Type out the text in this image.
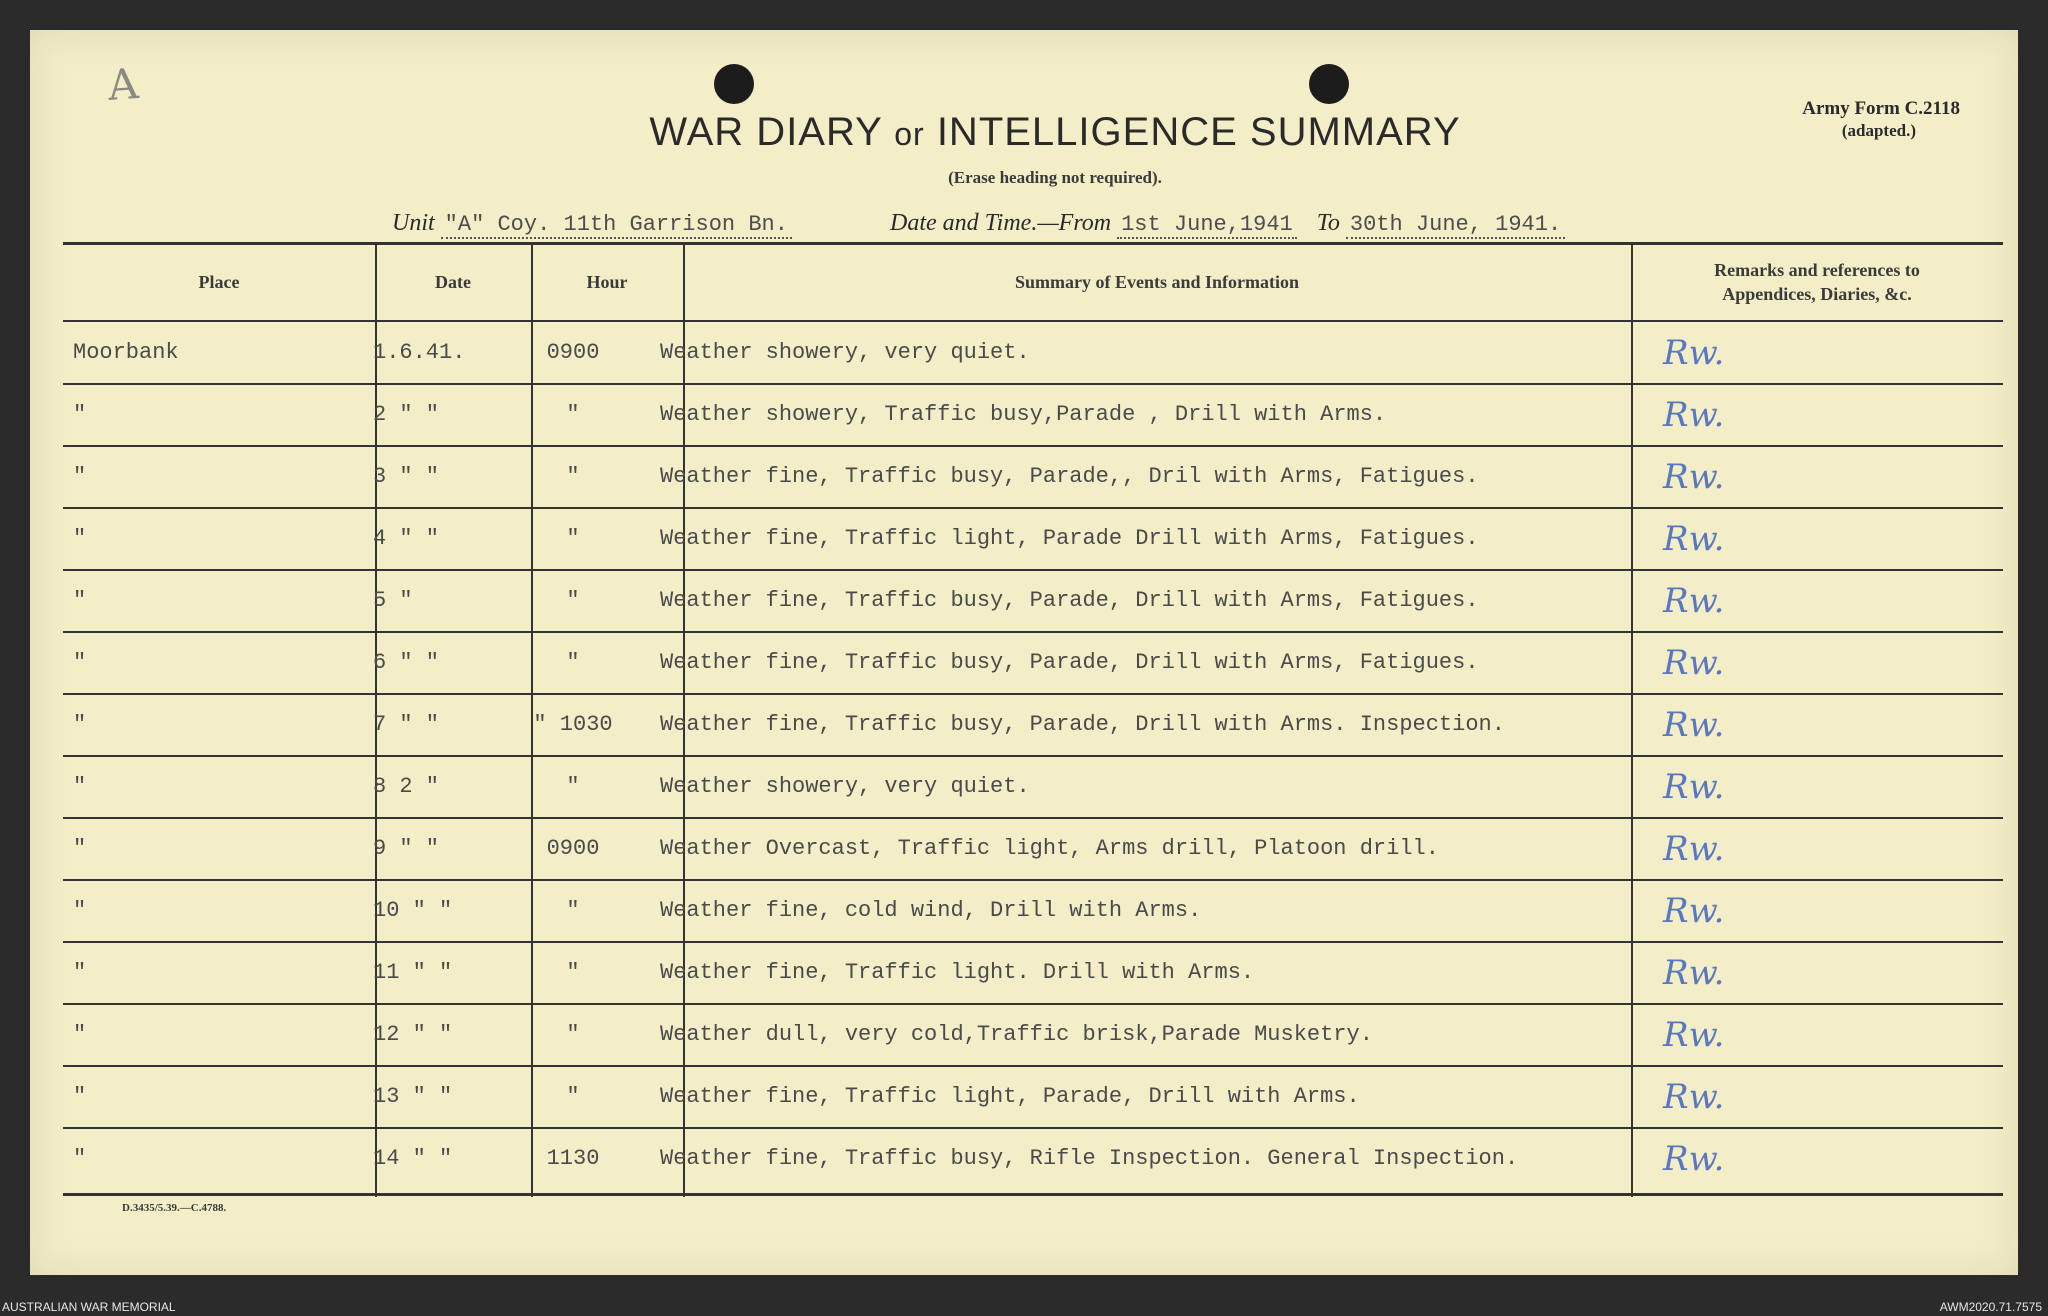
A
WAR DIARY or INTELLIGENCE SUMMARY
(Erase heading not required).
Army Form C.2118
(adapted.)
Unit "A" Coy. 11th Garrison Bn.	Date and Time.—From 1st June,1941 To 30th June, 1941.
Place	Date	Hour	Summary of Events and Information
Remarks and references to
Appendices, Diaries, &c.
Moorbank	1.6.41.	0900	Weather showery, very quiet.	Rw.
"	2 " "	"	Weather showery, Traffic busy,Parade , Drill with Arms.	Rw.
"	3 " "	"	Weather fine, Traffic busy, Parade,, Dril with Arms, Fatigues.	Rw.
"	4 " "	"	Weather fine, Traffic light, Parade Drill with Arms, Fatigues.	Rw.
"	5 "	"	Weather fine, Traffic busy, Parade, Drill with Arms, Fatigues.	Rw.
"	6 " "	"	Weather fine, Traffic busy, Parade, Drill with Arms, Fatigues.	Rw.
"	7 " "	" 1030	Weather fine, Traffic busy, Parade, Drill with Arms. Inspection.	Rw.
"	8 2 "	"	Weather showery, very quiet.	Rw.
"	9 " "	0900	Weather Overcast, Traffic light, Arms drill, Platoon drill.	Rw.
"	10 " "	"	Weather fine, cold wind, Drill with Arms.	Rw.
"	11 " "	"	Weather fine, Traffic light. Drill with Arms.	Rw.
"	12 " "	"	Weather dull, very cold,Traffic brisk,Parade Musketry.	Rw.
"	13 " "	"	Weather fine, Traffic light, Parade, Drill with Arms.	Rw.
"	14 " "	1130	Weather fine, Traffic busy, Rifle Inspection. General Inspection.	Rw.
D.3435/5.39.—C.4788.
AUSTRALIAN WAR MEMORIAL	AWM2020.71.7575
